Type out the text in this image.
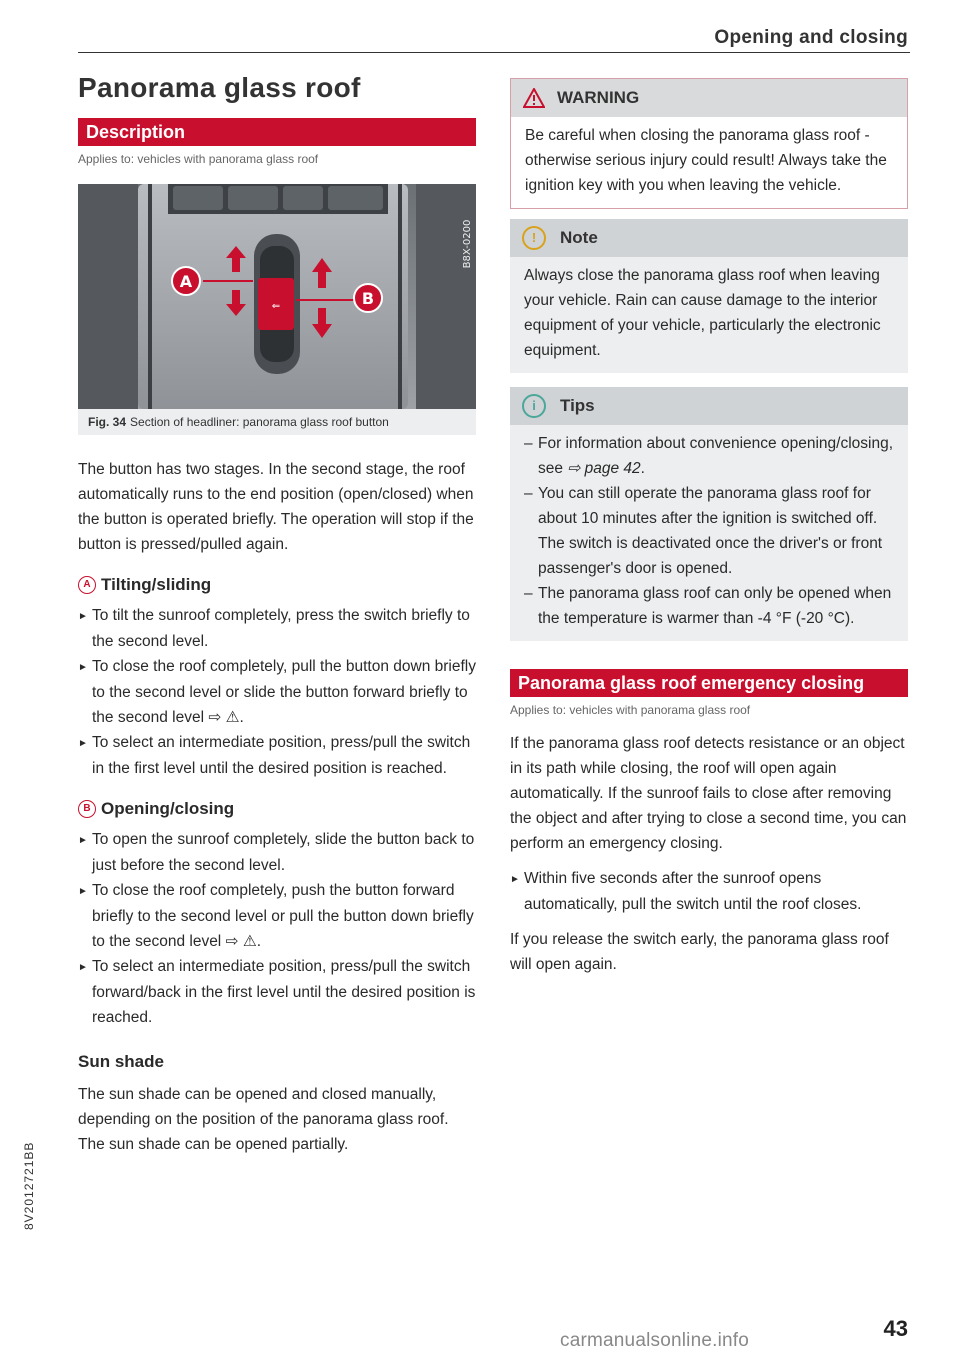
Opening and closing
Panorama glass roof
Description
Applies to: vehicles with panorama glass roof
⇐
A
B
B8X-0200
Fig. 34 Section of headliner: panorama glass roof button

The button has two stages. In the second stage, the roof automatically runs to the end position (open/closed) when the button is operated briefly. The operation will stop if the button is pressed/pulled again.

A Tilting/sliding

► To tilt the sunroof completely, press the switch briefly to the second level.

► To close the roof completely, pull the button down briefly to the second level or slide the button forward briefly to the second level ⇨ ⚠.

► To select an intermediate position, press/pull the switch in the first level until the desired position is reached.

B Opening/closing

► To open the sunroof completely, slide the button back to just before the second level.

► To close the roof completely, push the button forward briefly to the second level or pull the button down briefly to the second level ⇨ ⚠.

► To select an intermediate position, press/pull the switch forward/back in the first level until the desired position is reached.

Sun shade

The sun shade can be opened and closed manually, depending on the position of the panorama glass roof. The sun shade can be opened partially.

WARNING
Be careful when closing the panorama glass roof - otherwise serious injury could result! Always take the ignition key with you when leaving the vehicle.
!	Note
Always close the panorama glass roof when leaving your vehicle. Rain can cause damage to the interior equipment of your vehicle, particularly the electronic equipment.
i	Tips

– For information about convenience opening/closing, see ⇨ page 42.

– You can still operate the panorama glass roof for about 10 minutes after the ignition is switched off. The switch is deactivated once the driver's or front passenger's door is opened.

– The panorama glass roof can only be opened when the temperature is warmer than -4 °F (-20 °C).

Panorama glass roof emergency closing
Applies to: vehicles with panorama glass roof

If the panorama glass roof detects resistance or an object in its path while closing, the roof will open again automatically. If the sunroof fails to close after removing the object and after trying to close a second time, you can perform an emergency closing.

► Within five seconds after the sunroof opens automatically, pull the switch until the roof closes.

If you release the switch early, the panorama glass roof will open again.

8V2012721BB
43
carmanualsonline.info
